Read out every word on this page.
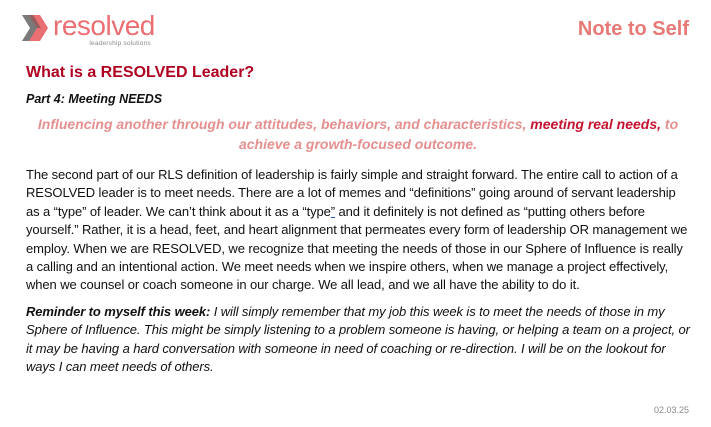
resolved
leadership solutions
Note to Self
What is a RESOLVED Leader?
Part 4: Meeting NEEDS
Influencing another through our attitudes, behaviors, and characteristics, meeting real needs, to achieve a growth-focused outcome.

The second part of our RLS definition of leadership is fairly simple and straight forward. The entire call to action of a RESOLVED leader is to meet needs. There are a lot of memes and “definitions” going around of servant leadership as a “type” of leader. We can’t think about it as a “type” and it definitely is not defined as “putting others before yourself.” Rather, it is a head, feet, and heart alignment that permeates every form of leadership OR management we employ. When we are RESOLVED, we recognize that meeting the needs of those in our Sphere of Influence is really a calling and an intentional action. We meet needs when we inspire others, when we manage a project effectively, when we counsel or coach someone in our charge. We all lead, and we all have the ability to do it.

Reminder to myself this week: I will simply remember that my job this week is to meet the needs of those in my Sphere of Influence. This might be simply listening to a problem someone is having, or helping a team on a project, or it may be having a hard conversation with someone in need of coaching or re-direction. I will be on the lookout for ways I can meet needs of others.

02.03.25
